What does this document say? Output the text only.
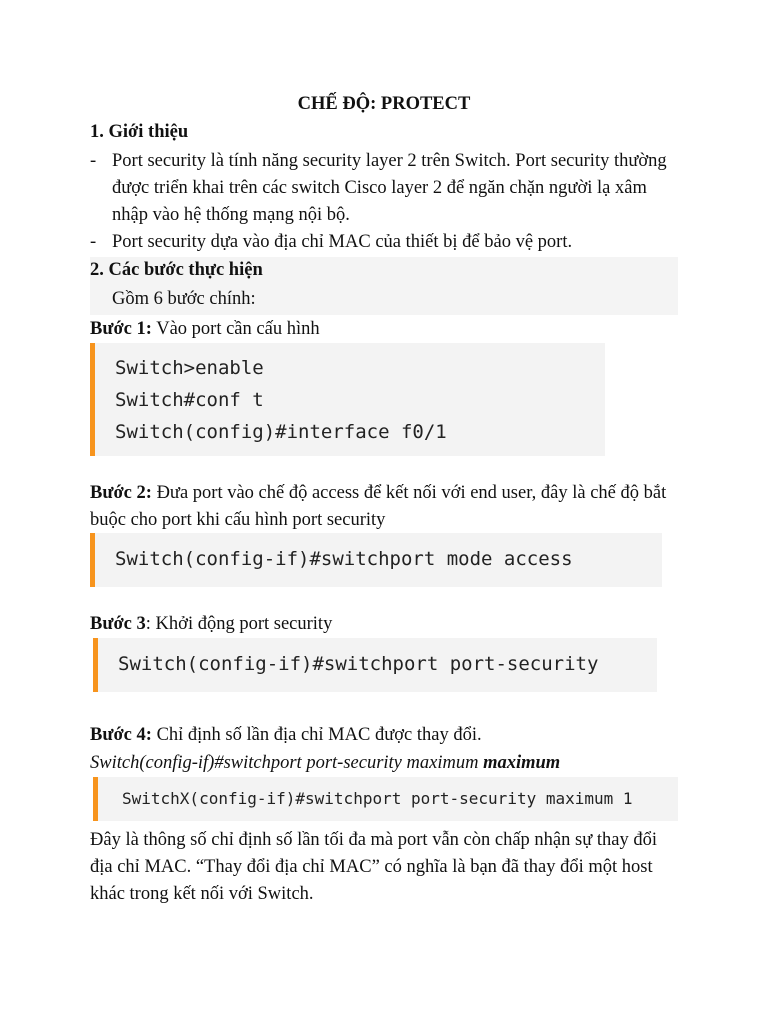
CHẾ ĐỘ: PROTECT
1. Giới thiệu
- Port security là tính năng security layer 2 trên Switch. Port security thường được triển khai trên các switch Cisco layer 2 để ngăn chặn người lạ xâm nhập vào hệ thống mạng nội bộ.
- Port security dựa vào địa chỉ MAC của thiết bị để bảo vệ port.
2. Các bước thực hiện
Gồm 6 bước chính:
Bước 1: Vào port cần cấu hình
Switch>enable
Switch#conf t
Switch(config)#interface f0/1
Bước 2: Đưa port vào chế độ access để kết nối với end user, đây là chế độ bắt buộc cho port khi cấu hình port security
Switch(config-if)#switchport mode access
Bước 3: Khởi động port security
Switch(config-if)#switchport port-security
Bước 4: Chỉ định số lần địa chỉ MAC được thay đổi.
Switch(config-if)#switchport port-security maximum maximum
SwitchX(config-if)#switchport port-security maximum 1
Đây là thông số chỉ định số lần tối đa mà port vẫn còn chấp nhận sự thay đổi địa chỉ MAC. “Thay đổi địa chỉ MAC” có nghĩa là bạn đã thay đổi một host khác trong kết nối với Switch.
